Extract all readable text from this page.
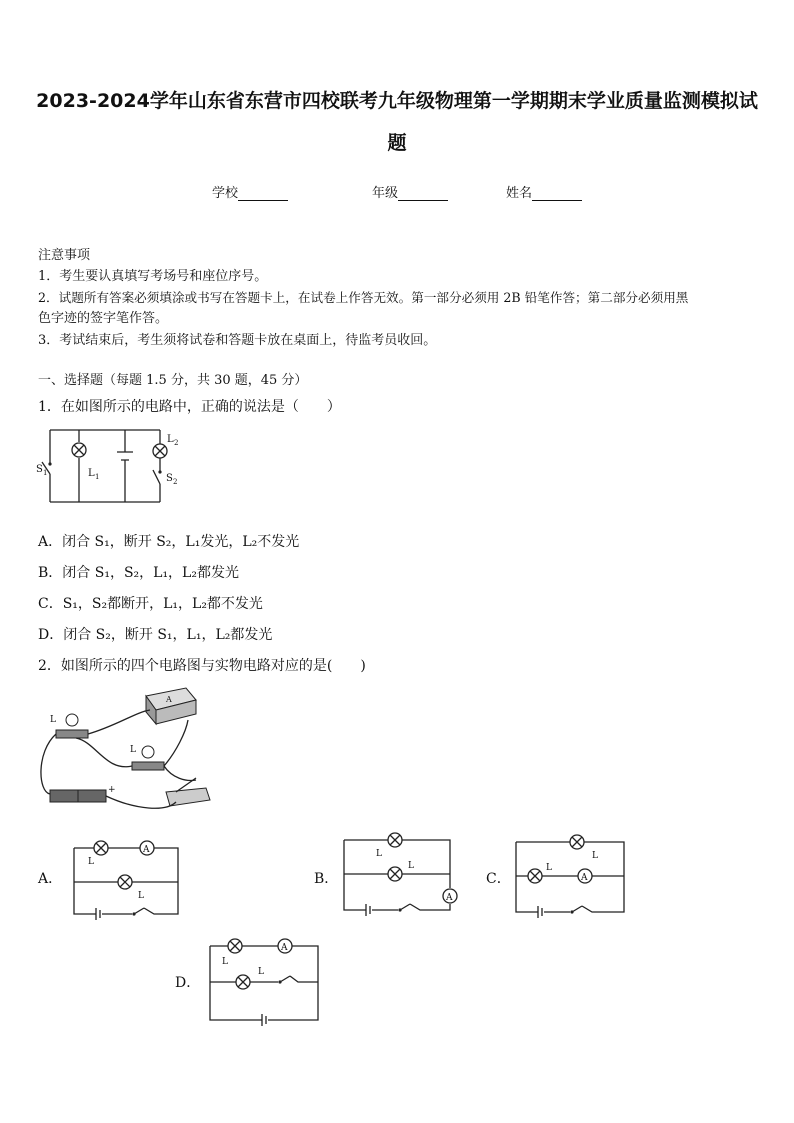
2023-2024学年山东省东营市四校联考九年级物理第一学期期末学业质量监测模拟试
题
学校	年级	姓名
注意事项
1．考生要认真填写考场号和座位序号。
2．试题所有答案必须填涂或书写在答题卡上，在试卷上作答无效。第一部分必须用 2B 铅笔作答；第二部分必须用黑
色字迹的签字笔作答。
3．考试结束后，考生须将试卷和答题卡放在桌面上，待监考员收回。
一、选择题（每题 1.5 分，共 30 题，45 分）
1．在如图所示的电路中，正确的说法是（　　）
S 1	L 1
L 2
S 2
A．闭合 S₁，断开 S₂，L₁发光，L₂不发光
B．闭合 S₁，S₂，L₁，L₂都发光
C．S₁，S₂都断开，L₁，L₂都不发光
D．闭合 S₂，断开 S₁，L₁，L₂都发光
2．如图所示的四个电路图与实物电路对应的是(　　)
A
L
L
+
A．	B．	C．
D．
A
L
L	A
L
L
A
L
L
A
L
L
